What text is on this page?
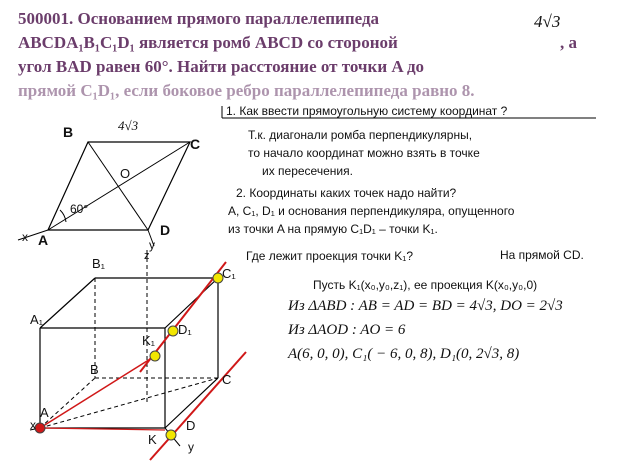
500001. Основанием прямого параллелепипеда	4√3
ABCDA₁B₁C₁D₁ является ромб ABCD со стороной	, а
угол BAD равен 60°. Найти расстояние от точки A до
прямой C₁D₁, если боковое ребро параллелепипеда равно 8.
B	4√3
C
O
60°
A
x	D
y
B₁	z
C₁
A₁
D₁
K₁
B
C
A
x	D
K	y
1. Как ввести прямоугольную систему координат ?
Т.к. диагонали ромба перпендикулярны,
то начало координат можно взять в точке
их пересечения.
2. Координаты каких точек надо найти?
A, C₁, D₁ и основания перпендикуляра, опущенного
из точки A на прямую C₁D₁ – точки K₁.
Где лежит проекция точки K₁?	На прямой CD.
Пусть K₁(x₀,y₀,z₁), ее проекция K(x₀,y₀,0)
Из ΔABD : AB = AD = BD = 4√3, DO = 2√3
Из ΔAOD : AO = 6
A(6, 0, 0), C₁( − 6, 0, 8), D₁(0, 2√3, 8)
